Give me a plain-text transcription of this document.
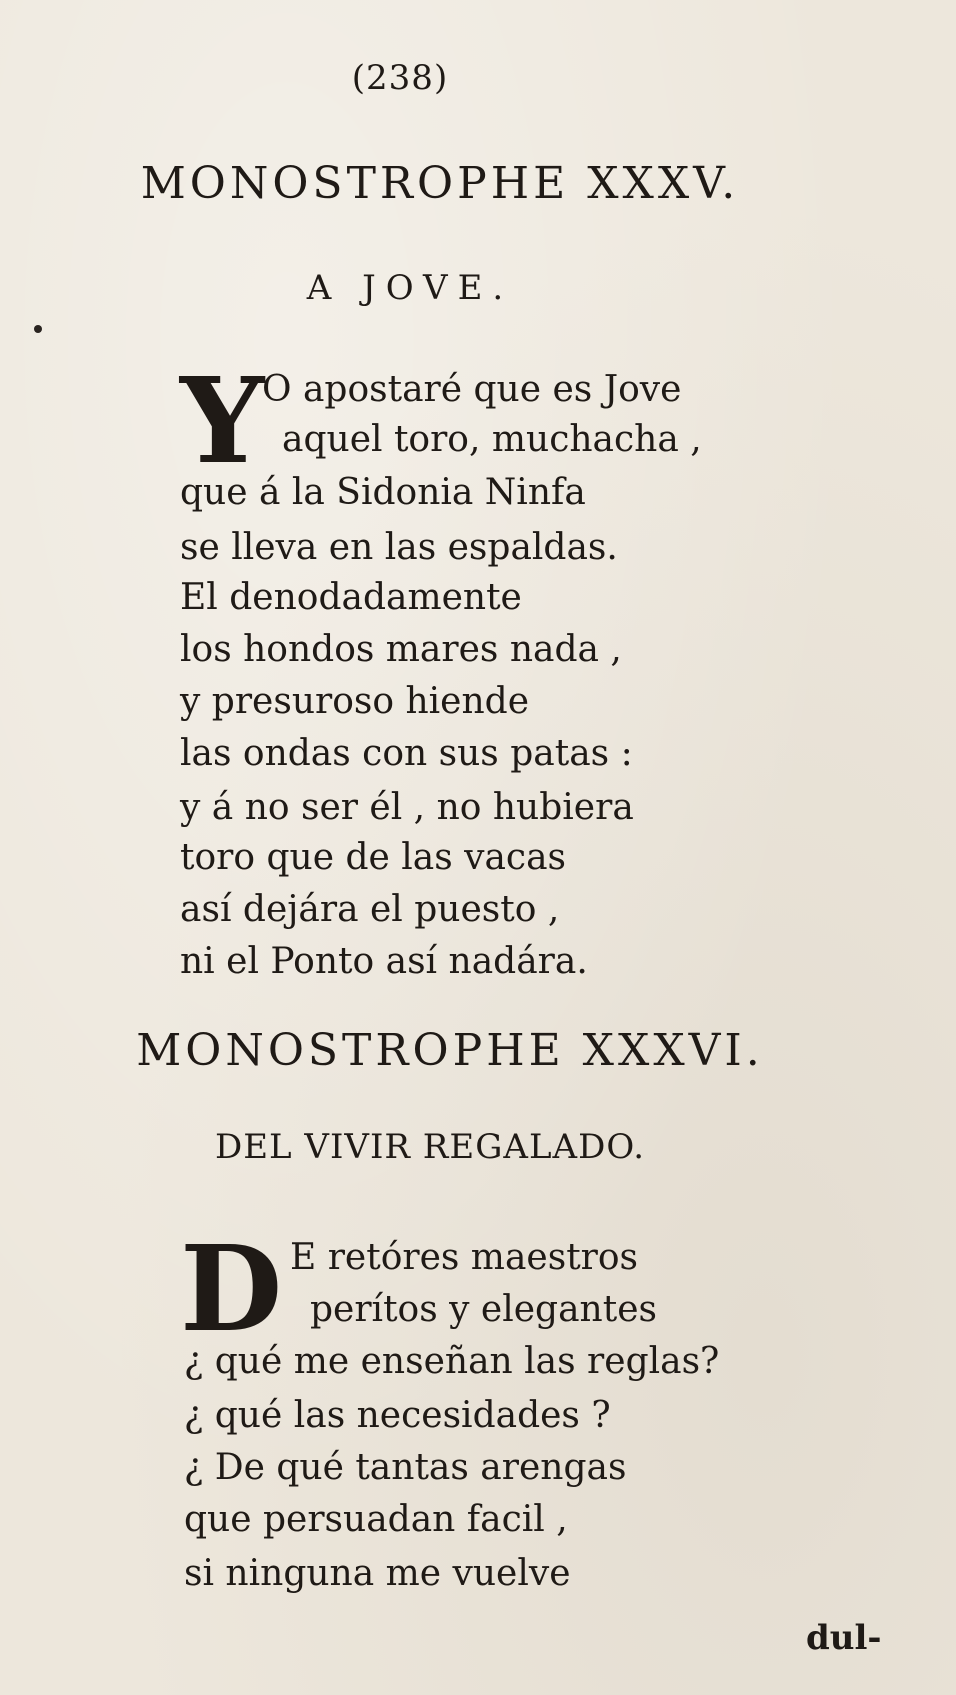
(238)
MONOSTROPHE XXXV.
A JOVE.
Y
O apostaré que es Jove
aquel toro, muchacha ,
que á la Sidonia Ninfa
se lleva en las espaldas.
El denodadamente
los hondos mares nada ,
y presuroso hiende
las ondas con sus patas :
y á no ser él , no hubiera
toro que de las vacas
así dejára el puesto ,
ni el Ponto así nadára.
MONOSTROPHE XXXVI.
DEL VIVIR REGALADO.
D E retóres maestros
perítos y elegantes
¿ qué me enseñan las reglas?
¿ qué las necesidades ?
¿ De qué tantas arengas
que persuadan facil ,
si ninguna me vuelve
dul-
